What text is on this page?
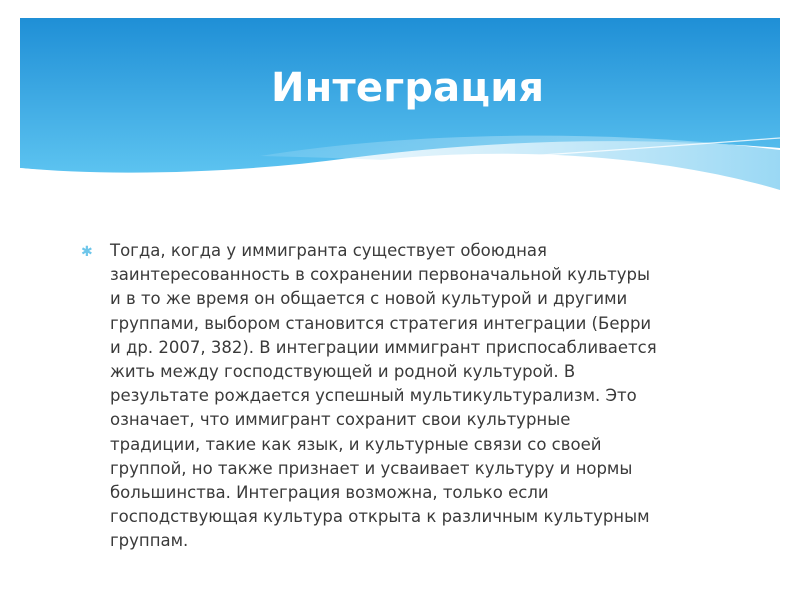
Интеграция
✱ Тогда, когда у иммигранта существует обоюдная
заинтересованность в сохранении первоначальной культуры
и в то же время он общается с новой культурой и другими
группами, выбором становится стратегия интеграции (Берри
и др. 2007, 382). В интеграции иммигрант приспосабливается
жить между господствующей и родной культурой. В
результате рождается успешный мультикультурализм. Это
означает, что иммигрант сохранит свои культурные
традиции, такие как язык, и культурные связи со своей
группой, но также признает и усваивает культуру и нормы
большинства. Интеграция возможна, только если
господствующая культура открыта к различным культурным
группам.
